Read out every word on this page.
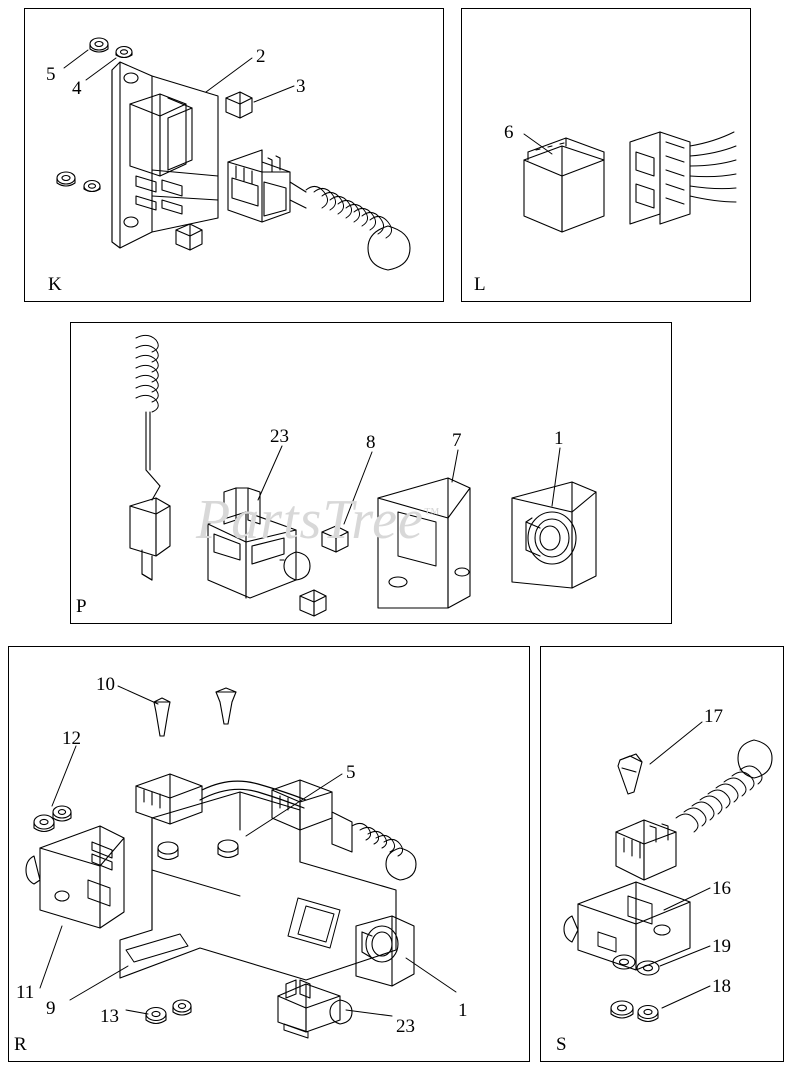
PartsTree™
K	L
P
R	S
5
4
2
3
6
23	8	7	1
10
12
5
11
9 13	23
1
17
16
19
18
